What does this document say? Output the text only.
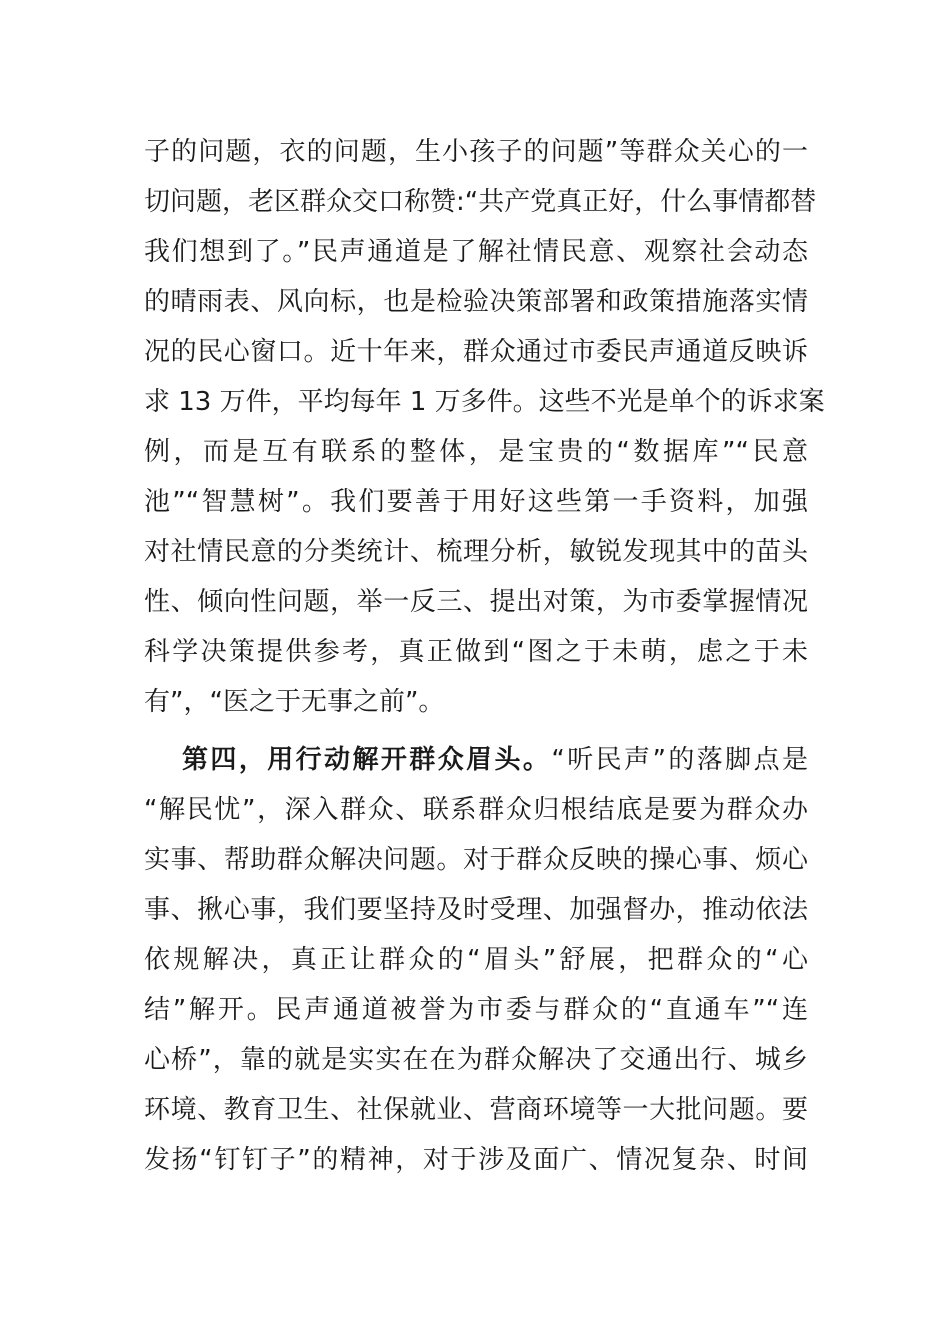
子的问题，衣的问题，生小孩子的问题”等群众关心的一
切问题，老区群众交口称赞:“共产党真正好，什么事情都替
我们想到了。”民声通道是了解社情民意、观察社会动态
的晴雨表、风向标，也是检验决策部署和政策措施落实情
况的民心窗口。近十年来，群众通过市委民声通道反映诉
求 13 万件，平均每年 1 万多件。这些不光是单个的诉求案
例，而是互有联系的整体，是宝贵的“数据库”“民意
池”“智慧树”。我们要善于用好这些第一手资料，加强
对社情民意的分类统计、梳理分析，敏锐发现其中的苗头
性、倾向性问题，举一反三、提出对策，为市委掌握情况
科学决策提供参考，真正做到“图之于未萌，虑之于未
有”，“医之于无事之前”。
第四，用行动解开群众眉头。“听民声”的落脚点是
“解民忧”，深入群众、联系群众归根结底是要为群众办
实事、帮助群众解决问题。对于群众反映的操心事、烦心
事、揪心事，我们要坚持及时受理、加强督办，推动依法
依规解决，真正让群众的“眉头”舒展，把群众的“心
结”解开。民声通道被誉为市委与群众的“直通车”“连
心桥”，靠的就是实实在在为群众解决了交通出行、城乡
环境、教育卫生、社保就业、营商环境等一大批问题。要
发扬“钉钉子”的精神，对于涉及面广、情况复杂、时间
